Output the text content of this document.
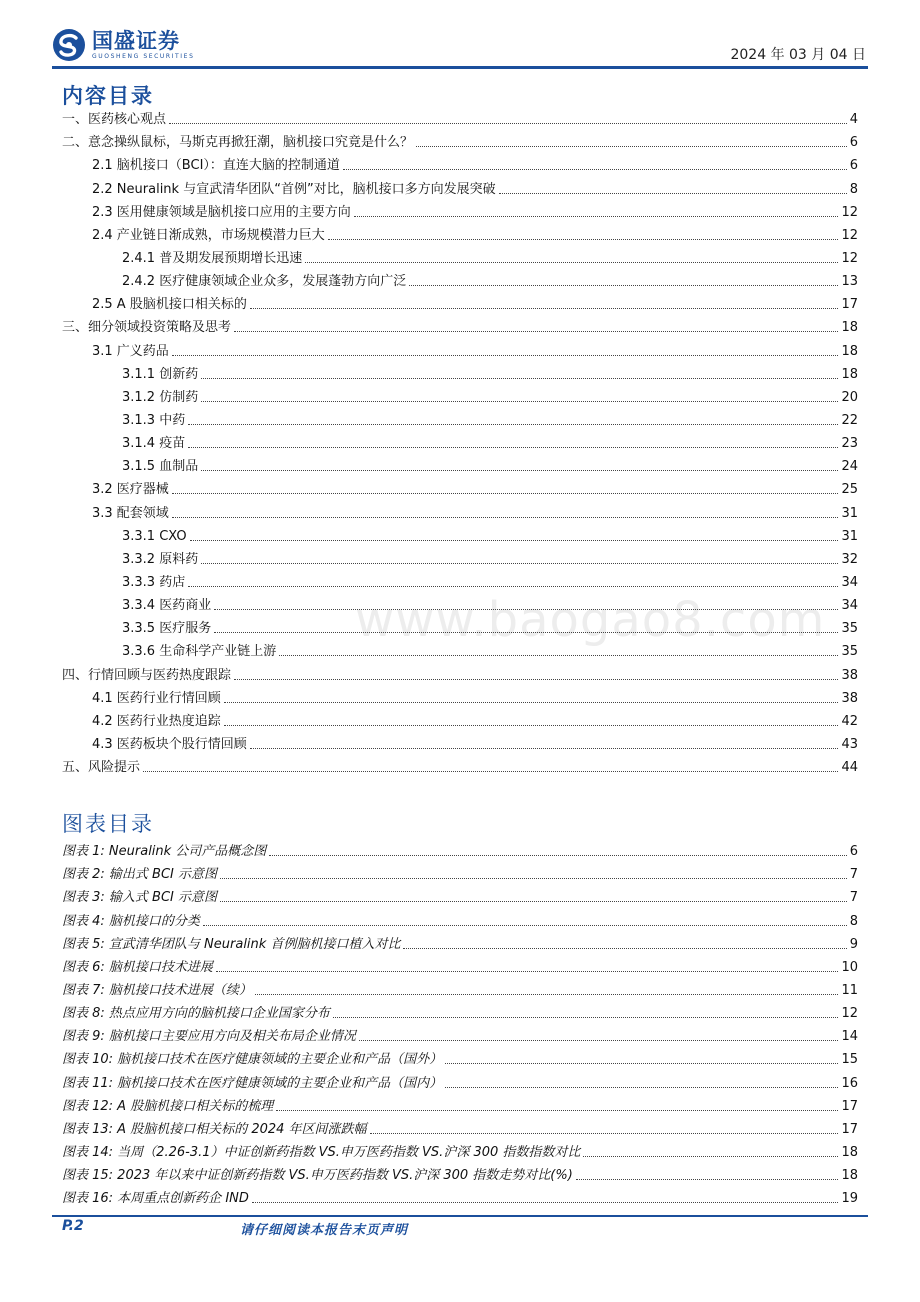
国盛证券
GUOSHENG SECURITIES	2024 年 03 月 04 日
www.baogao8.com
内容目录
一、医药核心观点	4
二、意念操纵鼠标，马斯克再掀狂潮，脑机接口究竟是什么？	6
2.1 脑机接口（BCI）：直连大脑的控制通道	6
2.2 Neuralink 与宣武清华团队“首例”对比，脑机接口多方向发展突破	8
2.3 医用健康领域是脑机接口应用的主要方向	12
2.4 产业链日渐成熟，市场规模潜力巨大	12
2.4.1 普及期发展预期增长迅速	12
2.4.2 医疗健康领域企业众多，发展蓬勃方向广泛	13
2.5 A 股脑机接口相关标的	17
三、细分领域投资策略及思考	18
3.1 广义药品	18
3.1.1 创新药	18
3.1.2 仿制药	20
3.1.3 中药	22
3.1.4 疫苗	23
3.1.5 血制品	24
3.2 医疗器械	25
3.3 配套领域	31
3.3.1 CXO	31
3.3.2 原料药	32
3.3.3 药店	34
3.3.4 医药商业	34
3.3.5 医疗服务	35
3.3.6 生命科学产业链上游	35
四、行情回顾与医药热度跟踪	38
4.1 医药行业行情回顾	38
4.2 医药行业热度追踪	42
4.3 医药板块个股行情回顾	43
五、风险提示	44
图表目录
图表 1: Neuralink 公司产品概念图	6
图表 2: 输出式 BCI 示意图	7
图表 3: 输入式 BCI 示意图	7
图表 4: 脑机接口的分类	8
图表 5: 宣武清华团队与 Neuralink 首例脑机接口植入对比	9
图表 6: 脑机接口技术进展	10
图表 7: 脑机接口技术进展（续）	11
图表 8: 热点应用方向的脑机接口企业国家分布	12
图表 9: 脑机接口主要应用方向及相关布局企业情况	14
图表 10: 脑机接口技术在医疗健康领域的主要企业和产品（国外）	15
图表 11: 脑机接口技术在医疗健康领域的主要企业和产品（国内）	16
图表 12: A 股脑机接口相关标的梳理	17
图表 13: A 股脑机接口相关标的 2024 年区间涨跌幅	17
图表 14: 当周（2.26-3.1）中证创新药指数 VS.申万医药指数 VS.沪深 300 指数指数对比	18
图表 15: 2023 年以来中证创新药指数 VS.申万医药指数 VS.沪深 300 指数走势对比(%)	18
图表 16: 本周重点创新药企 IND	19
P.2	请仔细阅读本报告末页声明
